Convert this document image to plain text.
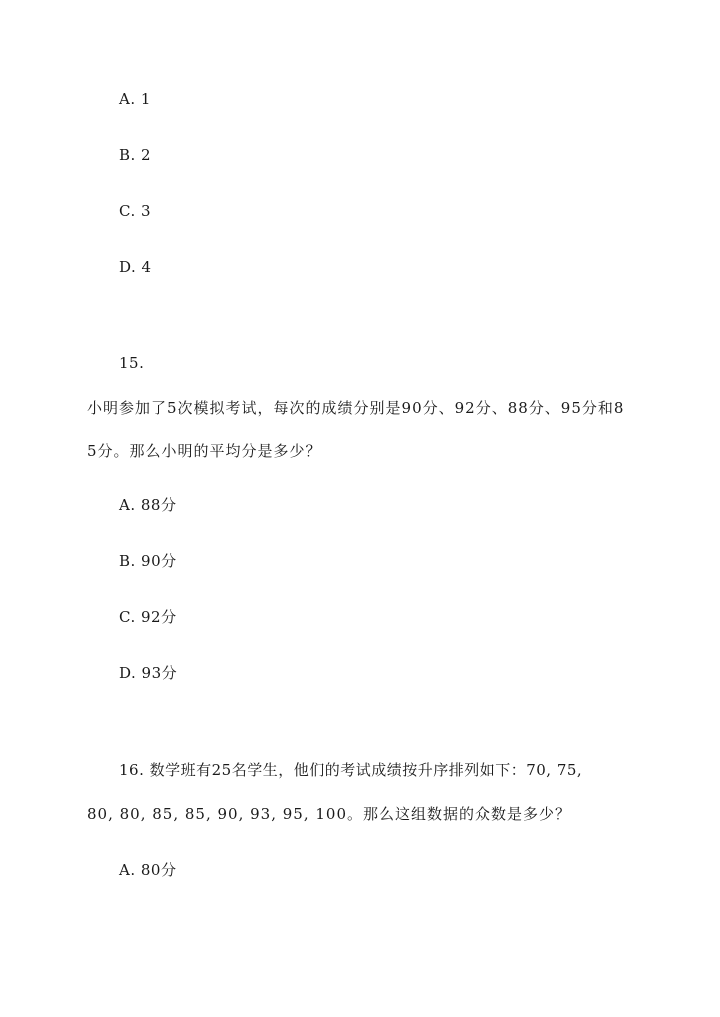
A. 1
B. 2
C. 3
D. 4
15.
小明参加了5次模拟考试，每次的成绩分别是90分、92分、88分、95分和8
5分。那么小明的平均分是多少？
A. 88分
B. 90分
C. 92分
D. 93分
16. 数学班有25名学生，他们的考试成绩按升序排列如下：70, 75,
80, 80, 85, 85, 90, 93, 95, 100。那么这组数据的众数是多少？
A. 80分
